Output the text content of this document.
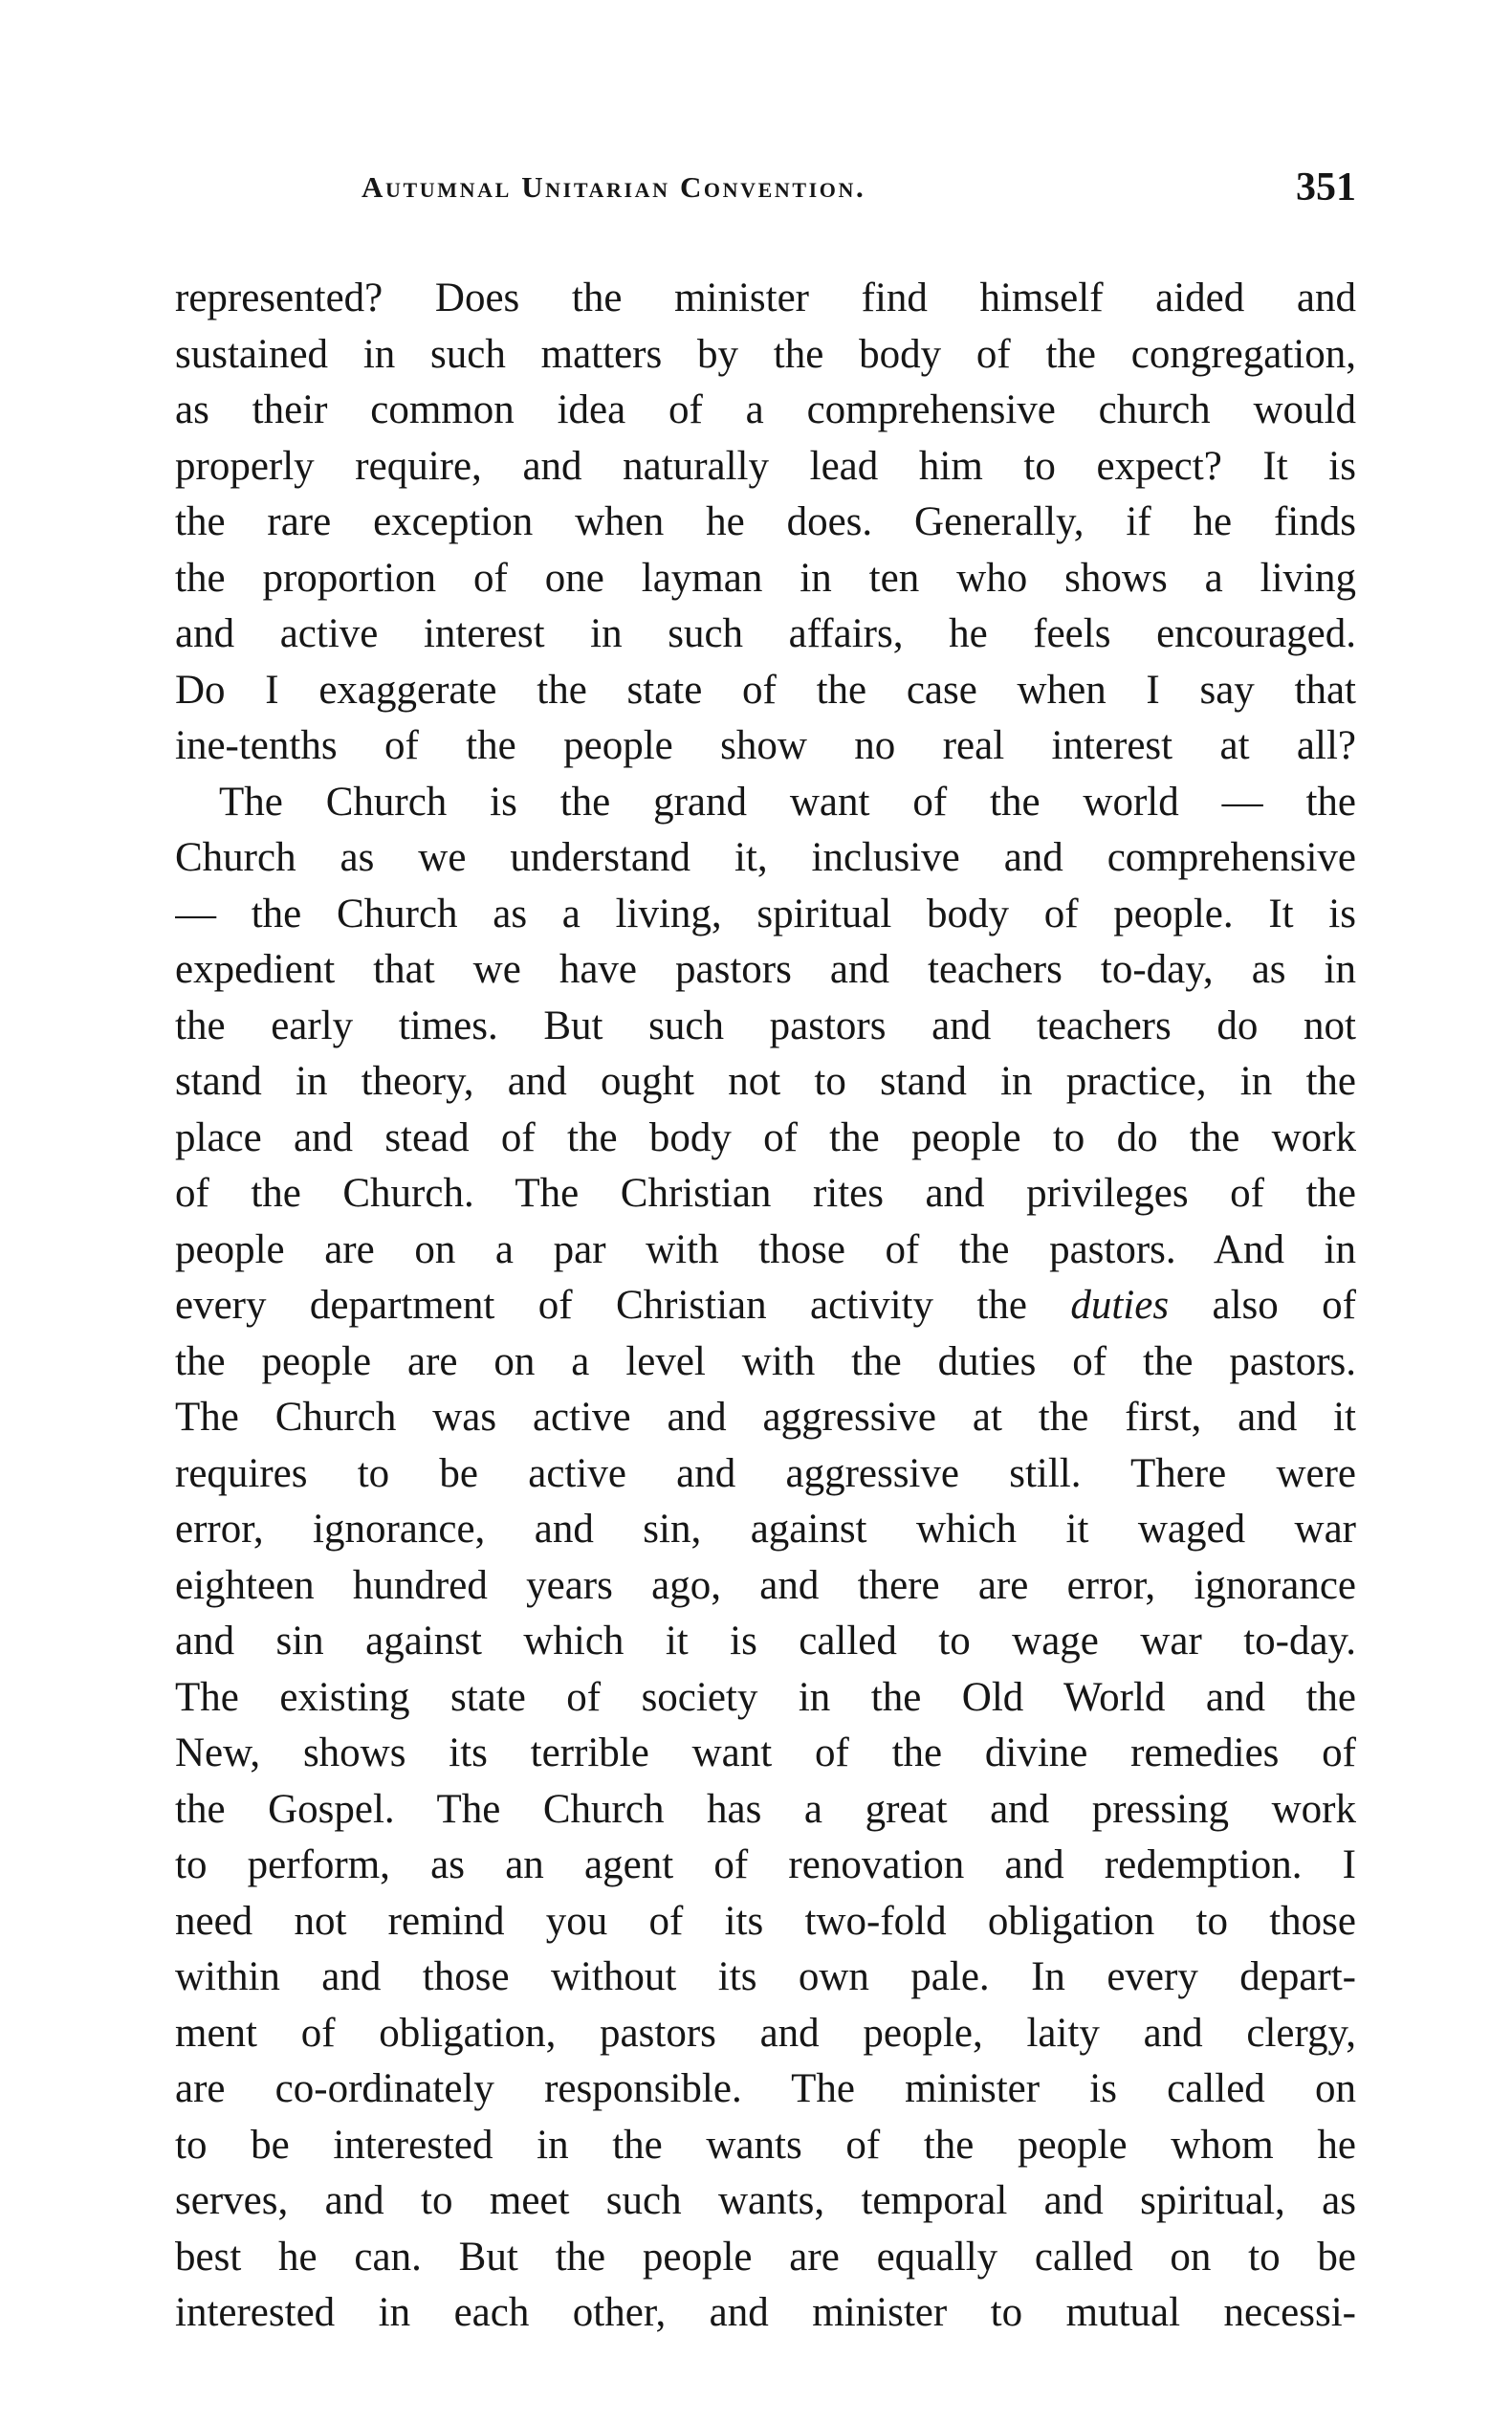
Autumnal Unitarian Convention.	351
represented? Does the minister find himself aided and
sustained in such matters by the body of the congregation,
as their common idea of a comprehensive church would
properly require, and naturally lead him to expect? It is
the rare exception when he does. Generally, if he finds
the proportion of one layman in ten who shows a living
and active interest in such affairs, he feels encouraged.
Do I exaggerate the state of the case when I say that
ine-tenths of the people show no real interest at all?
The Church is the grand want of the world — the
Church as we understand it, inclusive and comprehensive
— the Church as a living, spiritual body of people. It is
expedient that we have pastors and teachers to-day, as in
the early times. But such pastors and teachers do not
stand in theory, and ought not to stand in practice, in the
place and stead of the body of the people to do the work
of the Church. The Christian rites and privileges of the
people are on a par with those of the pastors. And in
every department of Christian activity the duties also of
the people are on a level with the duties of the pastors.
The Church was active and aggressive at the first, and it
requires to be active and aggressive still. There were
error, ignorance, and sin, against which it waged war
eighteen hundred years ago, and there are error, ignorance
and sin against which it is called to wage war to-day.
The existing state of society in the Old World and the
New, shows its terrible want of the divine remedies of
the Gospel. The Church has a great and pressing work
to perform, as an agent of renovation and redemption. I
need not remind you of its two-fold obligation to those
within and those without its own pale. In every depart-
ment of obligation, pastors and people, laity and clergy,
are co-ordinately responsible. The minister is called on
to be interested in the wants of the people whom he
serves, and to meet such wants, temporal and spiritual, as
best he can. But the people are equally called on to be
interested in each other, and minister to mutual necessi-
